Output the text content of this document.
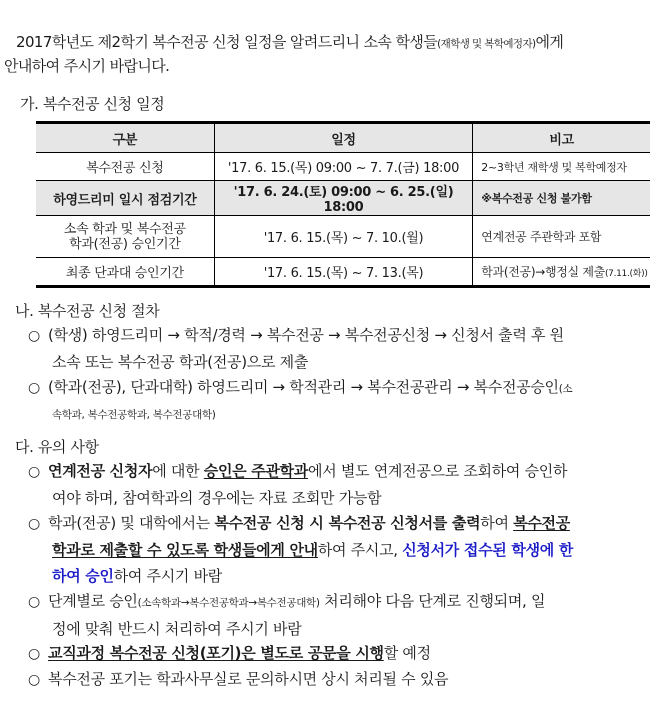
2017학년도 제2학기 복수전공 신청 일정을 알려드리니 소속 학생들(재학생 및 복학예정자)에게
안내하여 주시기 바랍니다.
가. 복수전공 신청 일정
구분	일정	비고
복수전공 신청	'17. 6. 15.(목) 09:00 ~ 7. 7.(금) 18:00	2~3학년 재학생 및 복학예정자
하영드리미 일시 점검기간	'17. 6. 24.(토) 09:00 ~ 6. 25.(일) 18:00	※복수전공 신청 불가함
소속 학과 및 복수전공
학과(전공) 승인기간	'17. 6. 15.(목) ~ 7. 10.(월)	연계전공 주관학과 포함
최종 단과대 승인기간	'17. 6. 15.(목) ~ 7. 13.(목)	학과(전공)→행정실 제출(7.11.(화))
나. 복수전공 신청 절차
○ (학생) 하영드리미 → 학적/경력 → 복수전공 → 복수전공신청 → 신청서 출력 후 원
소속 또는 복수전공 학과(전공)으로 제출
○ (학과(전공), 단과대학) 하영드리미 → 학적관리 → 복수전공관리 → 복수전공승인(소
속학과, 복수전공학과, 복수전공대학)
다. 유의 사항
○ 연계전공 신청자에 대한 승인은 주관학과에서 별도 연계전공으로 조회하여 승인하
여야 하며, 참여학과의 경우에는 자료 조회만 가능함
○ 학과(전공) 및 대학에서는 복수전공 신청 시 복수전공 신청서를 출력하여 복수전공
학과로 제출할 수 있도록 학생들에게 안내하여 주시고, 신청서가 접수된 학생에 한
하여 승인하여 주시기 바람
○ 단계별로 승인(소속학과→복수전공학과→복수전공대학) 처리해야 다음 단계로 진행되며, 일
정에 맞춰 반드시 처리하여 주시기 바람
○ 교직과정 복수전공 신청(포기)은 별도로 공문을 시행할 예정
○ 복수전공 포기는 학과사무실로 문의하시면 상시 처리될 수 있음
